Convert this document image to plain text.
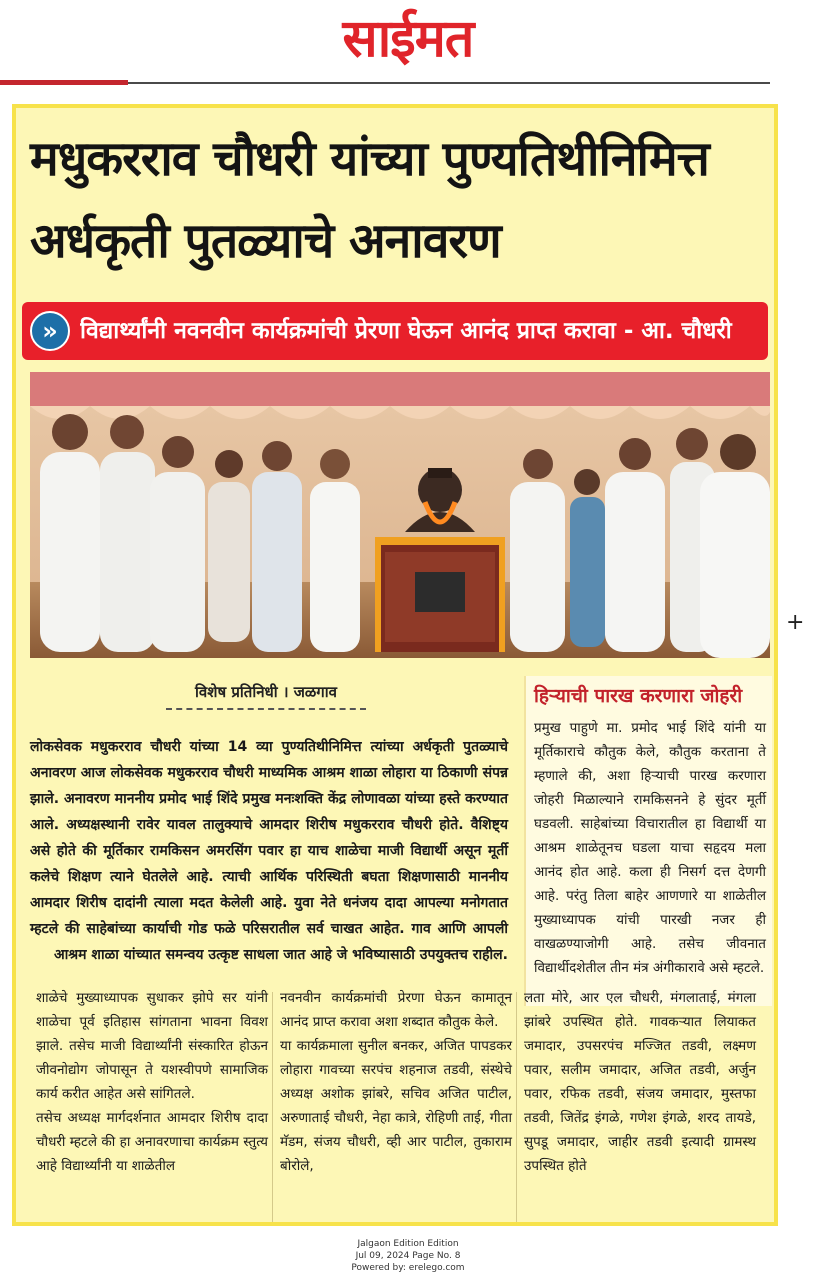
साईमत
मधुकरराव चौधरी यांच्या पुण्यतिथीनिमित्त
अर्धकृती पुतळ्याचे अनावरण
» विद्यार्थ्यांनी नवनवीन कार्यक्रमांची प्रेरणा घेऊन आनंद प्राप्त करावा - आ. चौधरी
विशेष प्रतिनिधी । जळगाव
लोकसेवक मधुकरराव चौधरी यांच्या 14 व्या पुण्यतिथीनिमित्त त्यांच्या अर्धकृती पुतळ्याचे अनावरण आज लोकसेवक मधुकरराव चौधरी माध्यमिक आश्रम शाळा लोहारा या ठिकाणी संपन्न झाले. अनावरण माननीय प्रमोद भाई शिंदे प्रमुख मनःशक्ति केंद्र लोणावळा यांच्या हस्ते करण्यात आले. अध्यक्षस्थानी रावेर यावल तालुक्याचे आमदार शिरीष मधुकरराव चौधरी होते. वैशिष्ट्य असे होते की मूर्तिकार रामकिसन अमरसिंग पवार हा याच शाळेचा माजी विद्यार्थी असून मूर्ती कलेचे शिक्षण त्याने घेतलेले आहे. त्याची आर्थिक परिस्थिती बघता शिक्षणासाठी माननीय आमदार शिरीष दादांनी त्याला मदत केलेली आहे. युवा नेते धनंजय दादा आपल्या मनोगतात म्हटले की साहेबांच्या कार्याची गोड फळे परिसरातील सर्व चाखत आहेत. गाव आणि आपली आश्रम शाळा यांच्यात समन्वय उत्कृष्ट साधला जात आहे जे भविष्यासाठी उपयुक्तच राहील.
हिऱ्याची पारख करणारा जोहरी
प्रमुख पाहुणे मा. प्रमोद भाई शिंदे यांनी या मूर्तिकाराचे कौतुक केले, कौतुक करताना ते म्हणाले की, अशा हिऱ्याची पारख करणारा जोहरी मिळाल्याने रामकिसनने हे सुंदर मूर्ती घडवली. साहेबांच्या विचारातील हा विद्यार्थी या आश्रम शाळेतूनच घडला याचा सहृदय मला आनंद होत आहे. कला ही निसर्ग दत्त देणगी आहे. परंतु तिला बाहेर आणणारे या शाळेतील मुख्याध्यापक यांची पारखी नजर ही वाखळण्याजोगी आहे. तसेच जीवनात विद्यार्थीदशेतील तीन मंत्र अंगीकारावे असे म्हटले.

शाळेचे मुख्याध्यापक सुधाकर झोपे सर यांनी शाळेचा पूर्व इतिहास सांगताना भावना विवश झाले. तसेच माजी विद्यार्थ्यांनी संस्कारित होऊन जीवनोद्योग जोपासून ते यशस्वीपणे सामाजिक कार्य करीत आहेत असे सांगितले.

तसेच अध्यक्ष मार्गदर्शनात आमदार शिरीष दादा चौधरी म्हटले की हा अनावरणाचा कार्यक्रम स्तुत्य आहे विद्यार्थ्यांनी या शाळेतील

नवनवीन कार्यक्रमांची प्रेरणा घेऊन कामातून आनंद प्राप्त करावा अशा शब्दात कौतुक केले.

या कार्यक्रमाला सुनील बनकर, अजित पापडकर लोहारा गावच्या सरपंच शहनाज तडवी, संस्थेचे अध्यक्ष अशोक झांबरे, सचिव अजित पाटील, अरुणाताई चौधरी, नेहा कात्रे, रोहिणी ताई, गीता मॅडम, संजय चौधरी, व्ही आर पाटील, तुकाराम बोरोले,

लता मोरे, आर एल चौधरी, मंगलाताई, मंगला झांबरे उपस्थित होते. गावकऱ्यात लियाकत जमादार, उपसरपंच मज्जित तडवी, लक्ष्मण पवार, सलीम जमादार, अजित तडवी, अर्जुन पवार, रफिक तडवी, संजय जमादार, मुस्तफा तडवी, जितेंद्र इंगळे, गणेश इंगळे, शरद तायडे, सुपडू जमादार, जाहीर तडवी इत्यादी ग्रामस्थ उपस्थित होते

+
Jalgaon Edition Edition
Jul 09, 2024 Page No. 8
Powered by: erelego.com
